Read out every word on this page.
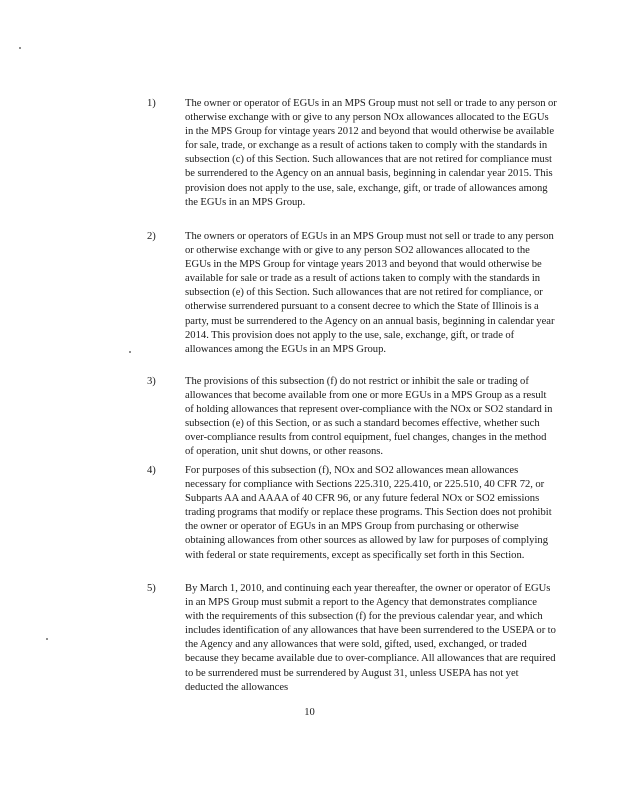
1)	The owner or operator of EGUs in an MPS Group must not sell or trade to any person or otherwise exchange with or give to any person NOx allowances allocated to the EGUs in the MPS Group for vintage years 2012 and beyond that would otherwise be available for sale, trade, or exchange as a result of actions taken to comply with the standards in subsection (c) of this Section. Such allowances that are not retired for compliance must be surrendered to the Agency on an annual basis, beginning in calendar year 2015. This provision does not apply to the use, sale, exchange, gift, or trade of allowances among the EGUs in an MPS Group.
2)	The owners or operators of EGUs in an MPS Group must not sell or trade to any person or otherwise exchange with or give to any person SO2 allowances allocated to the EGUs in the MPS Group for vintage years 2013 and beyond that would otherwise be available for sale or trade as a result of actions taken to comply with the standards in subsection (e) of this Section. Such allowances that are not retired for compliance, or otherwise surrendered pursuant to a consent decree to which the State of Illinois is a party, must be surrendered to the Agency on an annual basis, beginning in calendar year 2014. This provision does not apply to the use, sale, exchange, gift, or trade of allowances among the EGUs in an MPS Group.
3)	The provisions of this subsection (f) do not restrict or inhibit the sale or trading of allowances that become available from one or more EGUs in a MPS Group as a result of holding allowances that represent over-compliance with the NOx or SO2 standard in subsection (e) of this Section, or as such a standard becomes effective, whether such over-compliance results from control equipment, fuel changes, changes in the method of operation, unit shut downs, or other reasons.
4)	For purposes of this subsection (f), NOx and SO2 allowances mean allowances necessary for compliance with Sections 225.310, 225.410, or 225.510, 40 CFR 72, or Subparts AA and AAAA of 40 CFR 96, or any future federal NOx or SO2 emissions trading programs that modify or replace these programs. This Section does not prohibit the owner or operator of EGUs in an MPS Group from purchasing or otherwise obtaining allowances from other sources as allowed by law for purposes of complying with federal or state requirements, except as specifically set forth in this Section.
5)	By March 1, 2010, and continuing each year thereafter, the owner or operator of EGUs in an MPS Group must submit a report to the Agency that demonstrates compliance with the requirements of this subsection (f) for the previous calendar year, and which includes identification of any allowances that have been surrendered to the USEPA or to the Agency and any allowances that were sold, gifted, used, exchanged, or traded because they became available due to over-compliance. All allowances that are required to be surrendered must be surrendered by August 31, unless USEPA has not yet deducted the allowances
10
